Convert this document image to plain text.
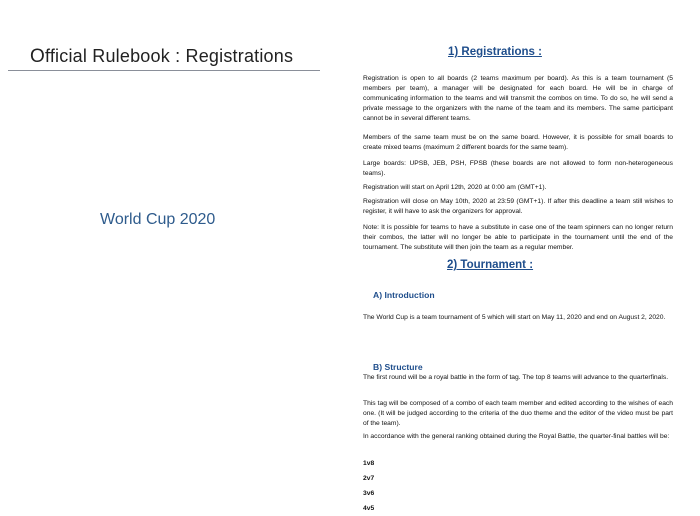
Official Rulebook : Registrations
World Cup 2020
1) Registrations :
Registration is open to all boards (2 teams maximum per board). As this is a team tournament (5 members per team), a manager will be designated for each board. He will be in charge of communicating information to the teams and will transmit the combos on time. To do so, he will send a private message to the organizers with the name of the team and its members. The same participant cannot be in several different teams.
Members of the same team must be on the same board. However, it is possible for small boards to create mixed teams (maximum 2 different boards for the same team).
Large boards: UPSB, JEB, PSH, FPSB (these boards are not allowed to form non-heterogeneous teams).
Registration will start on April 12th, 2020 at 0:00 am (GMT+1).
Registration will close on May 10th, 2020 at 23:59 (GMT+1). If after this deadline a team still wishes to register, it will have to ask the organizers for approval.
Note: It is possible for teams to have a substitute in case one of the team spinners can no longer return their combos, the latter will no longer be able to participate in the tournament until the end of the tournament. The substitute will then join the team as a regular member.
2) Tournament :
A) Introduction
The World Cup is a team tournament of 5 which will start on May 11, 2020 and end on August 2, 2020.
B) Structure
The first round will be a royal battle in the form of tag. The top 8 teams will advance to the quarterfinals.
This tag will be composed of a combo of each team member and edited according to the wishes of each one. (It will be judged according to the criteria of the duo theme and the editor of the video must be part of the team).
In accordance with the general ranking obtained during the Royal Battle, the quarter-final battles will be:
1v8
2v7
3v6
4v5
